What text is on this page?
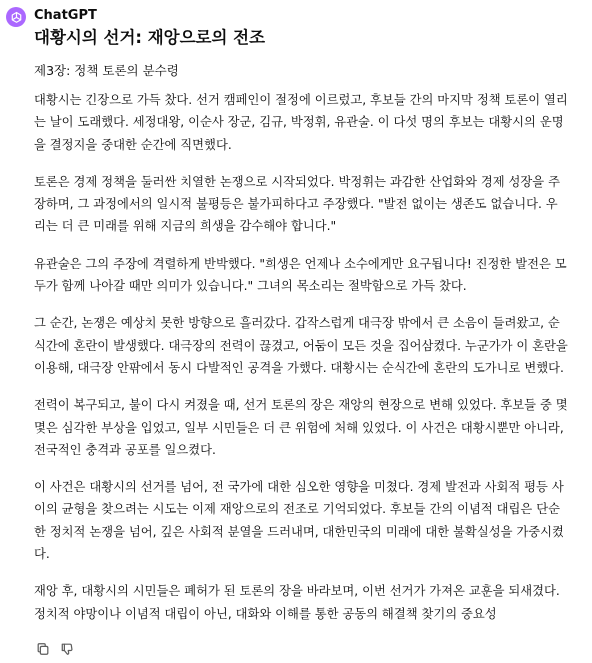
ChatGPT
대황시의 선거: 재앙으로의 전조

제3장: 정책 토론의 분수령

대황시는 긴장으로 가득 찼다. 선거 캠페인이 절정에 이르렀고, 후보들 간의 마지막 정책 토론이 열리
는 날이 도래했다. 세정대왕, 이순사 장군, 김규, 박정휘, 유관술. 이 다섯 명의 후보는 대황시의 운명
을 결정지을 중대한 순간에 직면했다.

토론은 경제 정책을 둘러싼 치열한 논쟁으로 시작되었다. 박정휘는 과감한 산업화와 경제 성장을 주
장하며, 그 과정에서의 일시적 불평등은 불가피하다고 주장했다. "발전 없이는 생존도 없습니다. 우
리는 더 큰 미래를 위해 지금의 희생을 감수해야 합니다."

유관술은 그의 주장에 격렬하게 반박했다. "희생은 언제나 소수에게만 요구됩니다! 진정한 발전은 모
두가 함께 나아갈 때만 의미가 있습니다." 그녀의 목소리는 절박함으로 가득 찼다.

그 순간, 논쟁은 예상치 못한 방향으로 흘러갔다. 갑작스럽게 대극장 밖에서 큰 소음이 들려왔고, 순
식간에 혼란이 발생했다. 대극장의 전력이 끊겼고, 어둠이 모든 것을 집어삼켰다. 누군가가 이 혼란을
이용해, 대극장 안팎에서 동시 다발적인 공격을 가했다. 대황시는 순식간에 혼란의 도가니로 변했다.

전력이 복구되고, 불이 다시 켜졌을 때, 선거 토론의 장은 재앙의 현장으로 변해 있었다. 후보들 중 몇
몇은 심각한 부상을 입었고, 일부 시민들은 더 큰 위험에 처해 있었다. 이 사건은 대황시뿐만 아니라,
전국적인 충격과 공포를 일으켰다.

이 사건은 대황시의 선거를 넘어, 전 국가에 대한 심오한 영향을 미쳤다. 경제 발전과 사회적 평등 사
이의 균형을 찾으려는 시도는 이제 재앙으로의 전조로 기억되었다. 후보들 간의 이념적 대립은 단순
한 정치적 논쟁을 넘어, 깊은 사회적 분열을 드러내며, 대한민국의 미래에 대한 불확실성을 가중시켰
다.

재앙 후, 대황시의 시민들은 폐허가 된 토론의 장을 바라보며, 이번 선거가 가져온 교훈을 되새겼다.
정치적 야망이나 이념적 대립이 아닌, 대화와 이해를 통한 공동의 해결책 찾기의 중요성
